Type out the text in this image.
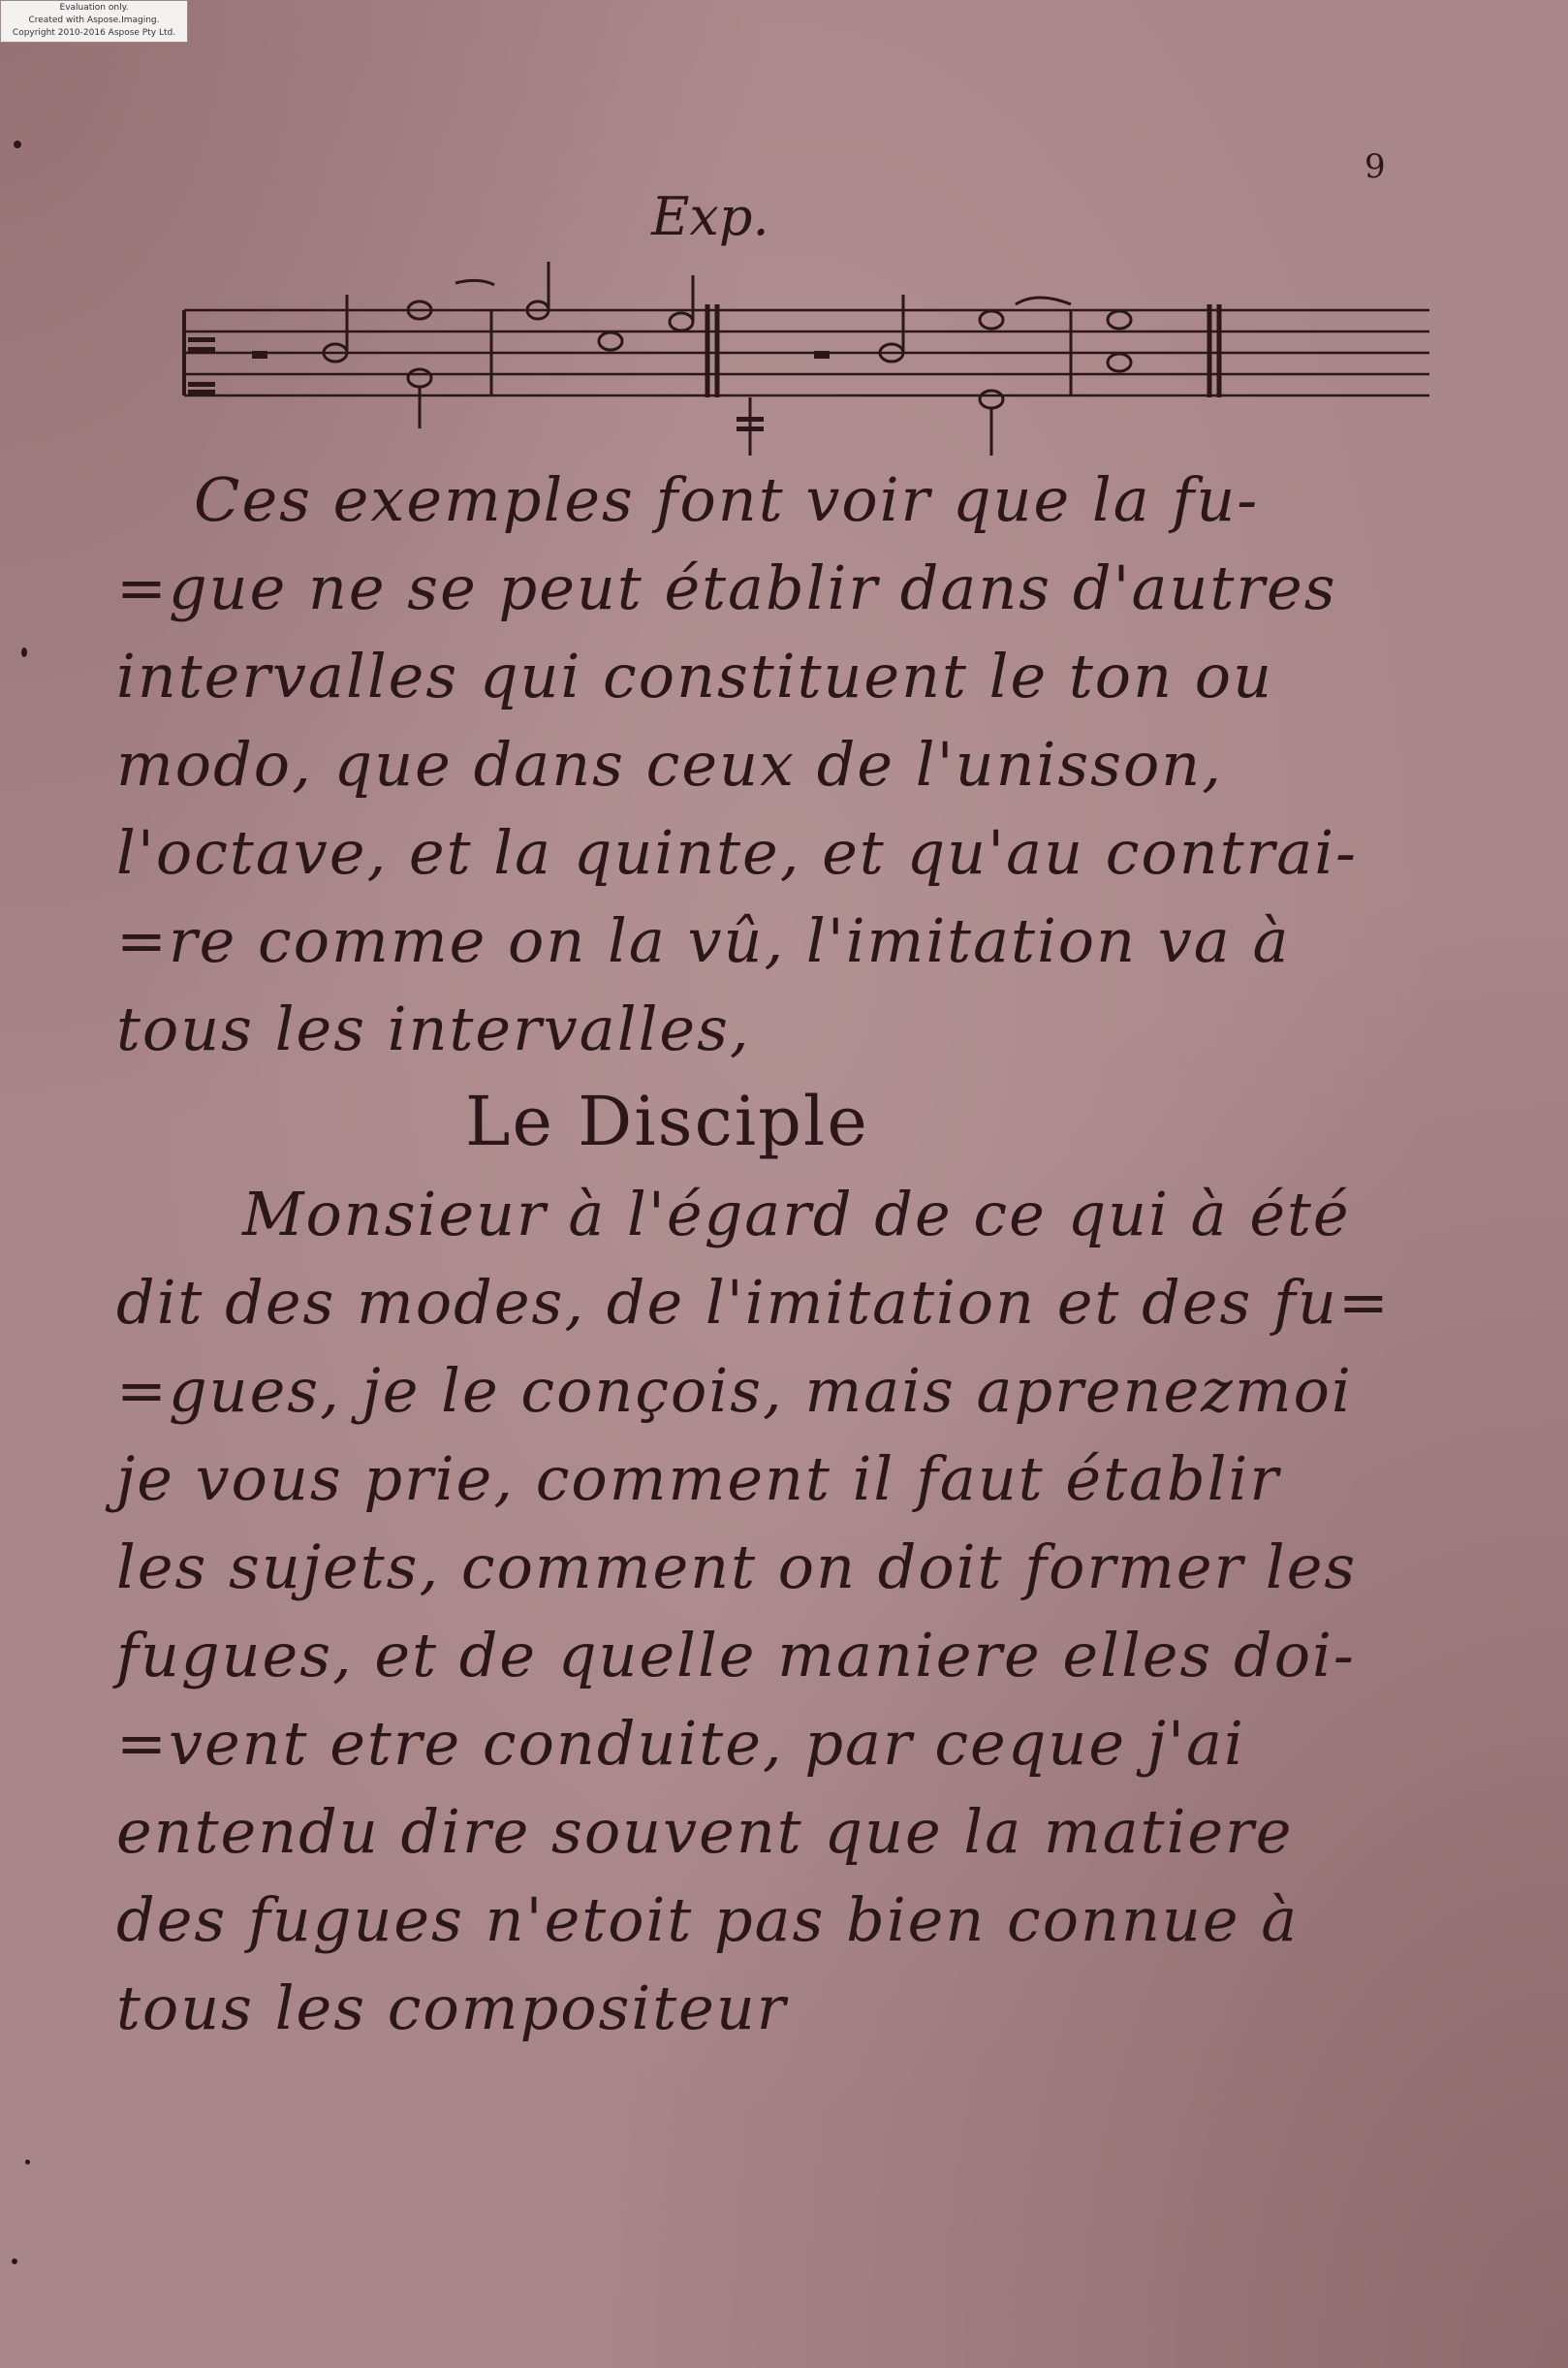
Evaluation only.
Created with Aspose.Imaging.
Copyright 2010-2016 Aspose Pty Ltd.
9
Exp.
Ces exemples font voir que la fu-
=gue ne se peut établir dans d'autres
intervalles qui constituent le ton ou
modo, que dans ceux de l'unisson,
l'octave, et la quinte, et qu'au contrai-
=re comme on la vû, l'imitation va à
tous les intervalles,
Le Disciple
Monsieur à l'égard de ce qui à été
dit des modes, de l'imitation et des fu=
=gues, je le conçois, mais aprenezmoi
je vous prie, comment il faut établir
les sujets, comment on doit former les
fugues, et de quelle maniere elles doi-
=vent etre conduite, par ceque j'ai
entendu dire souvent que la matiere
des fugues n'etoit pas bien connue à
tous les compositeur
